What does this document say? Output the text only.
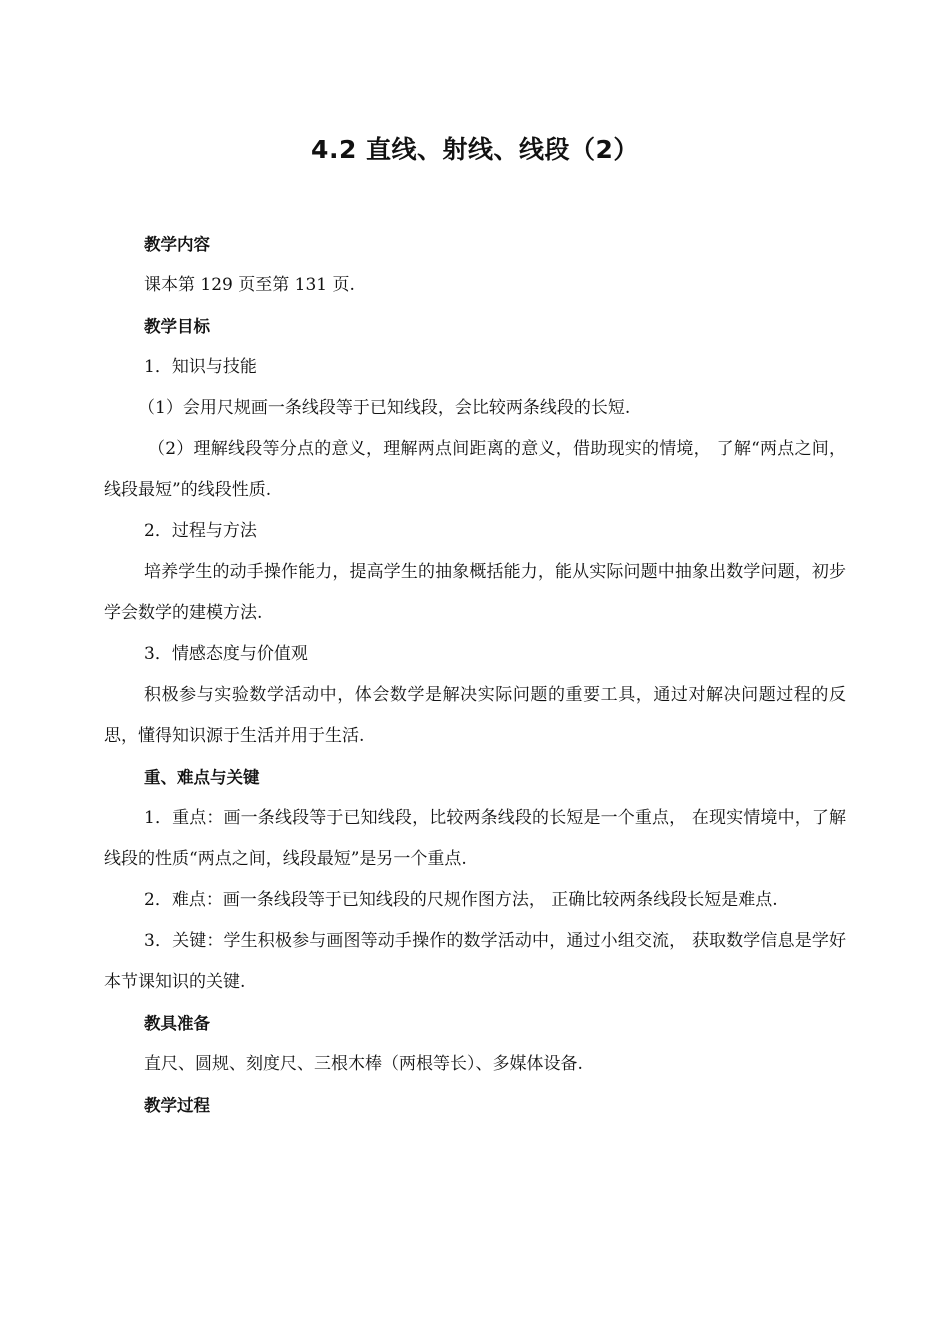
4.2 直线、射线、线段（2）
教学内容
课本第 129 页至第 131 页.
教学目标
1．知识与技能
（1）会用尺规画一条线段等于已知线段，会比较两条线段的长短.
（2）理解线段等分点的意义，理解两点间距离的意义，借助现实的情境， 了解“两点之间，线段最短”的线段性质.
2．过程与方法
培养学生的动手操作能力，提高学生的抽象概括能力，能从实际问题中抽象出数学问题，初步学会数学的建模方法.
3．情感态度与价值观
积极参与实验数学活动中，体会数学是解决实际问题的重要工具，通过对解决问题过程的反思，懂得知识源于生活并用于生活.
重、难点与关键
1．重点：画一条线段等于已知线段，比较两条线段的长短是一个重点， 在现实情境中，了解线段的性质“两点之间，线段最短”是另一个重点.
2．难点：画一条线段等于已知线段的尺规作图方法， 正确比较两条线段长短是难点.
3．关键：学生积极参与画图等动手操作的数学活动中，通过小组交流， 获取数学信息是学好本节课知识的关键.
教具准备
直尺、圆规、刻度尺、三根木棒（两根等长）、多媒体设备.
教学过程
